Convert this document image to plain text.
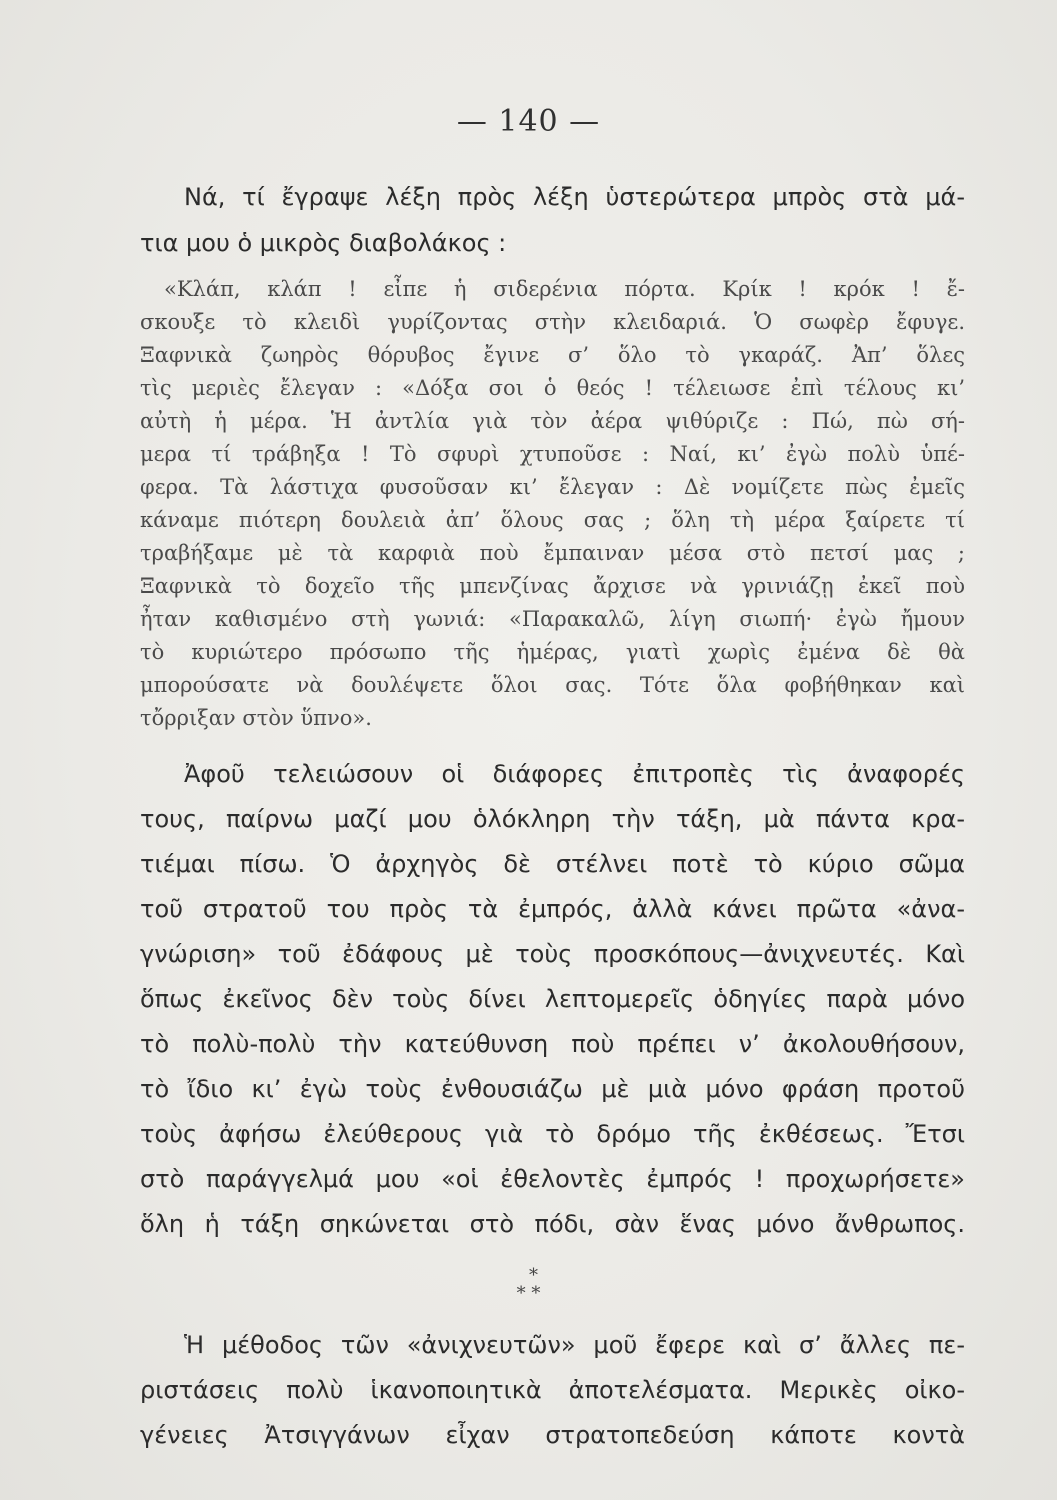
— 140 —
Νά, τί ἔγραψε λέξη πρὸς λέξη ὑστερώτερα μπρὸς στὰ μά-
τια μου ὁ μικρὸς διαβολάκος :
«Κλάπ, κλάπ ! εἶπε ἡ σιδερένια πόρτα. Κρίκ ! κρόκ ! ἔ-
σκουξε τὸ κλειδὶ γυρίζοντας στὴν κλειδαριά. Ὁ σωφὲρ ἔφυγε.
Ξαφνικὰ ζωηρὸς θόρυβος ἔγινε σ’ ὅλο τὸ γκαράζ. Ἀπ’ ὅλες
τὶς μεριὲς ἔλεγαν : «Δόξα σοι ὁ θεός ! τέλειωσε ἐπὶ τέλους κι’
αὐτὴ ἡ μέρα. Ἡ ἀντλία γιὰ τὸν ἀέρα ψιθύριζε : Πώ, πὼ σή-
μερα τί τράβηξα ! Τὸ σφυρὶ χτυποῦσε : Ναί, κι’ ἐγὼ πολὺ ὑπέ-
φερα. Τὰ λάστιχα φυσοῦσαν κι’ ἔλεγαν : Δὲ νομίζετε πὼς ἐμεῖς
κάναμε πιότερη δουλειὰ ἀπ’ ὅλους σας ; ὅλη τὴ μέρα ξαίρετε τί
τραβήξαμε μὲ τὰ καρφιὰ ποὺ ἔμπαιναν μέσα στὸ πετσί μας ;
Ξαφνικὰ τὸ δοχεῖο τῆς μπενζίνας ἄρχισε νὰ γρινιάζῃ ἐκεῖ ποὺ
ἦταν καθισμένο στὴ γωνιά: «Παρακαλῶ, λίγη σιωπή· ἐγὼ ἤμουν
τὸ κυριώτερο πρόσωπο τῆς ἡμέρας, γιατὶ χωρὶς ἐμένα δὲ θὰ
μπορούσατε νὰ δουλέψετε ὅλοι σας. Τότε ὅλα φοβήθηκαν καὶ
τὄρριξαν στὸν ὕπνο».
Ἀφοῦ τελειώσουν οἱ διάφορες ἐπιτροπὲς τὶς ἀναφορές
τους, παίρνω μαζί μου ὁλόκληρη τὴν τάξη, μὰ πάντα κρα-
τιέμαι πίσω. Ὁ ἀρχηγὸς δὲ στέλνει ποτὲ τὸ κύριο σῶμα
τοῦ στρατοῦ του πρὸς τὰ ἐμπρός, ἀλλὰ κάνει πρῶτα «ἀνα-
γνώριση» τοῦ ἐδάφους μὲ τοὺς προσκόπους—ἀνιχνευτές. Καὶ
ὅπως ἐκεῖνος δὲν τοὺς δίνει λεπτομερεῖς ὁδηγίες παρὰ μόνο
τὸ πολὺ-πολὺ τὴν κατεύθυνση ποὺ πρέπει ν’ ἀκολουθήσουν,
τὸ ἴδιο κι’ ἐγὼ τοὺς ἐνθουσιάζω μὲ μιὰ μόνο φράση προτοῦ
τοὺς ἀφήσω ἐλεύθερους γιὰ τὸ δρόμο τῆς ἐκθέσεως. Ἔτσι
στὸ παράγγελμά μου «οἱ ἐθελοντὲς ἐμπρός ! προχωρήσετε»
ὅλη ἡ τάξη σηκώνεται στὸ πόδι, σὰν ἕνας μόνο ἄνθρωπος.
*
* *
Ἡ μέθοδος τῶν «ἀνιχνευτῶν» μοῦ ἔφερε καὶ σ’ ἄλλες πε-
ριστάσεις πολὺ ἱκανοποιητικὰ ἀποτελέσματα. Μερικὲς οἰκο-
γένειες Ἀτσιγγάνων εἶχαν στρατοπεδεύση κάποτε κοντὰ
